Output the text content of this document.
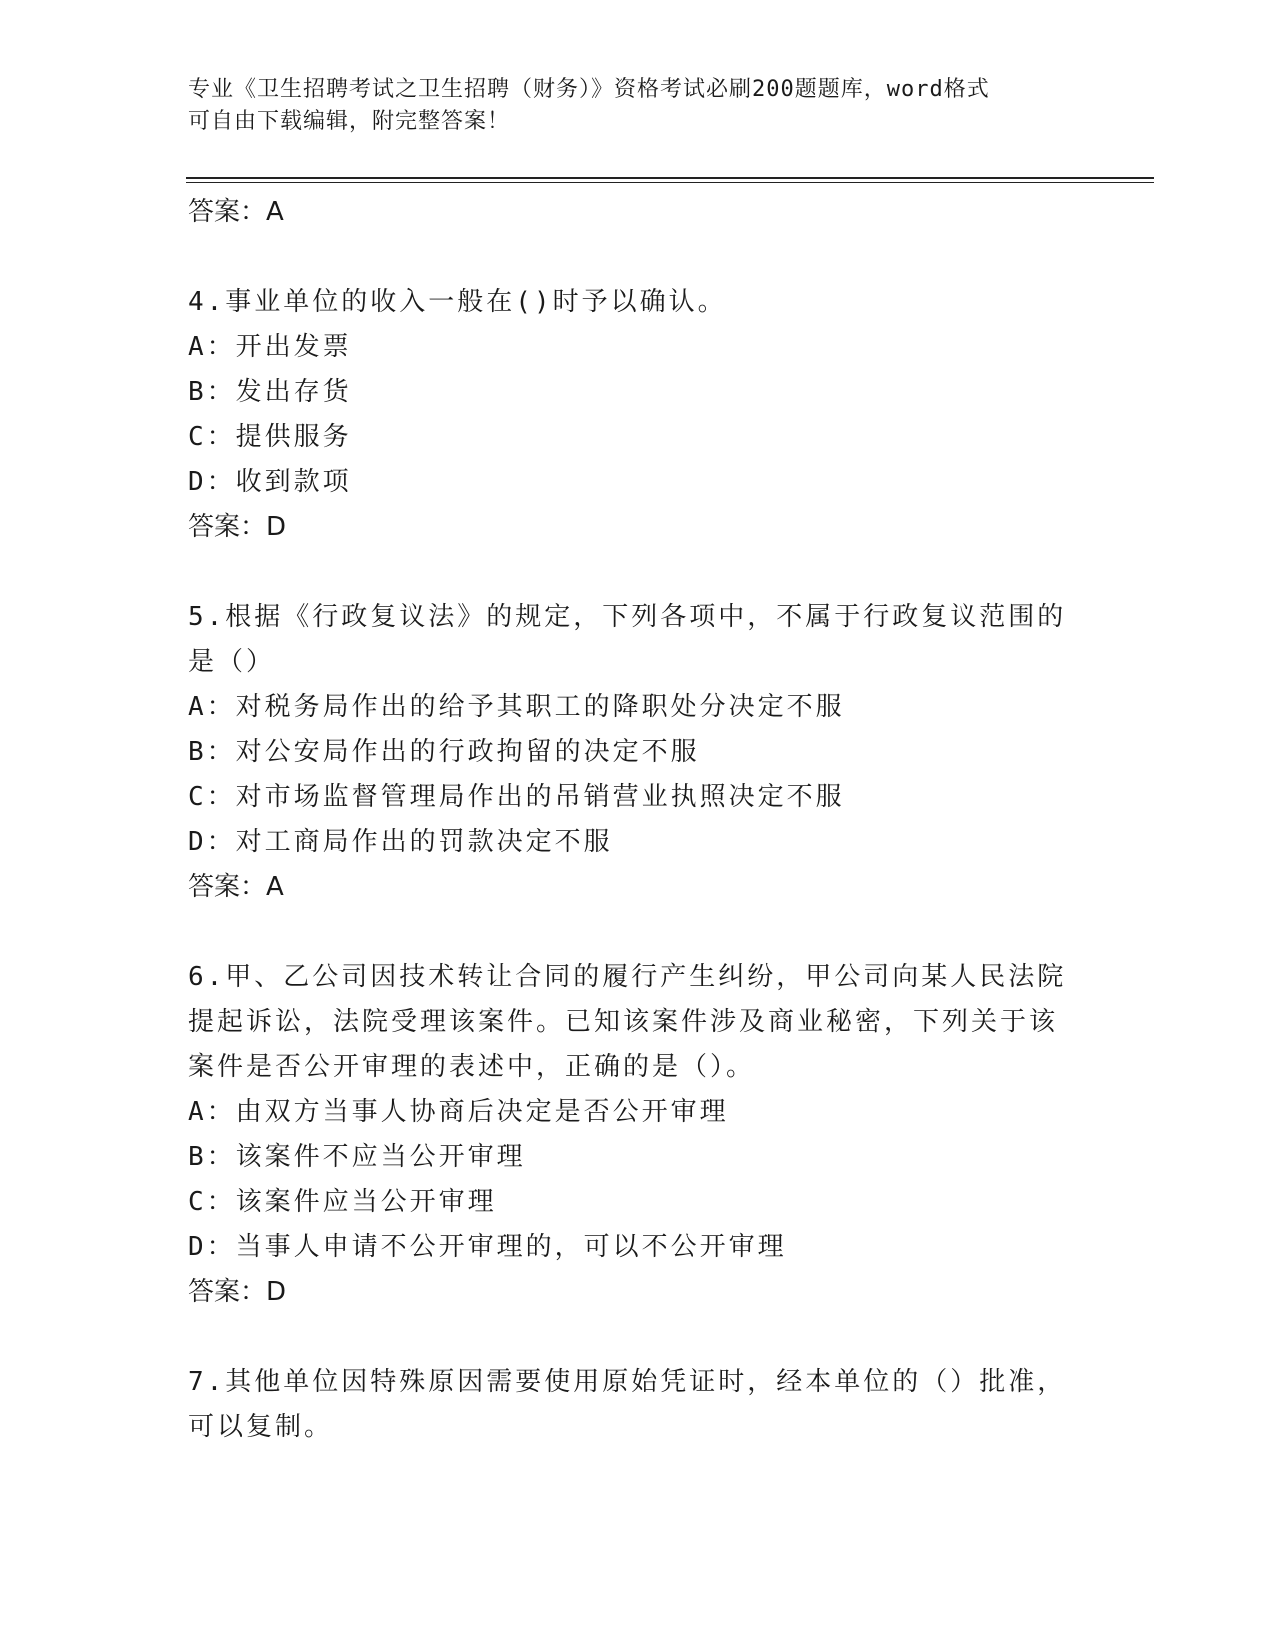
专业《卫生招聘考试之卫生招聘（财务）》资格考试必刷200题题库，word格式
可自由下载编辑，附完整答案！
答案：A
4.事业单位的收入一般在()时予以确认。
A：开出发票
B：发出存货
C：提供服务
D：收到款项
答案：D
5.根据《行政复议法》的规定，下列各项中，不属于行政复议范围的
是（）
A：对税务局作出的给予其职工的降职处分决定不服
B：对公安局作出的行政拘留的决定不服
C：对市场监督管理局作出的吊销营业执照决定不服
D：对工商局作出的罚款决定不服
答案：A
6.甲、乙公司因技术转让合同的履行产生纠纷，甲公司向某人民法院
提起诉讼，法院受理该案件。已知该案件涉及商业秘密，下列关于该
案件是否公开审理的表述中，正确的是（）。
A：由双方当事人协商后决定是否公开审理
B：该案件不应当公开审理
C：该案件应当公开审理
D：当事人申请不公开审理的，可以不公开审理
答案：D
7.其他单位因特殊原因需要使用原始凭证时，经本单位的（）批准，
可以复制。
